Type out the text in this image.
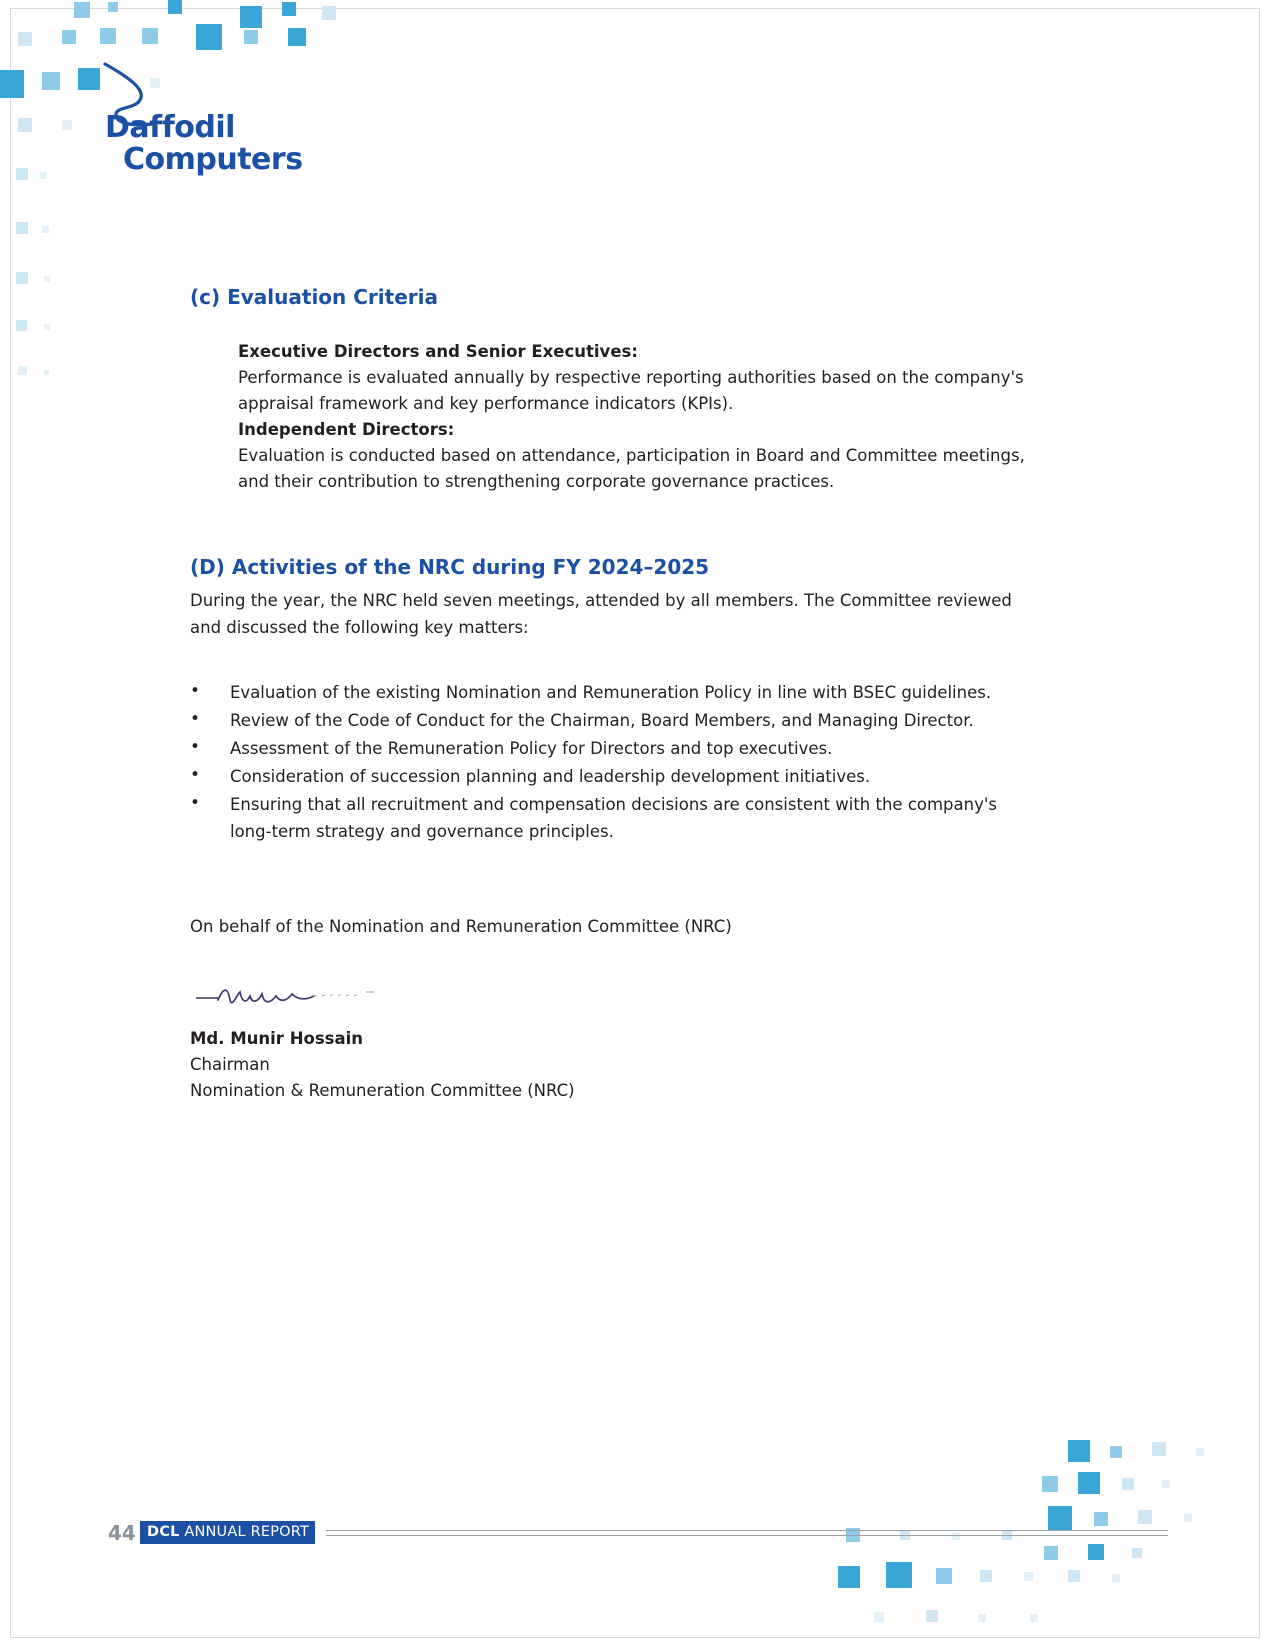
Daffodil
Computers
(c) Evaluation Criteria

Executive Directors and Senior Executives:

Performance is evaluated annually by respective reporting authorities based on the company's appraisal framework and key performance indicators (KPIs).

Independent Directors:

Evaluation is conducted based on attendance, participation in Board and Committee meetings, and their contribution to strengthening corporate governance practices.

(D) Activities of the NRC during FY 2024–2025

During the year, the NRC held seven meetings, attended by all members. The Committee reviewed and discussed the following key matters:

• Evaluation of the existing Nomination and Remuneration Policy in line with BSEC guidelines.
• Review of the Code of Conduct for the Chairman, Board Members, and Managing Director.
• Assessment of the Remuneration Policy for Directors and top executives.
• Consideration of succession planning and leadership development initiatives.
• Ensuring that all recruitment and compensation decisions are consistent with the company's long-term strategy and governance principles.

On behalf of the Nomination and Remuneration Committee (NRC)

Md. Munir Hossain
Chairman
Nomination & Remuneration Committee (NRC)
44 DCL ANNUAL REPORT
